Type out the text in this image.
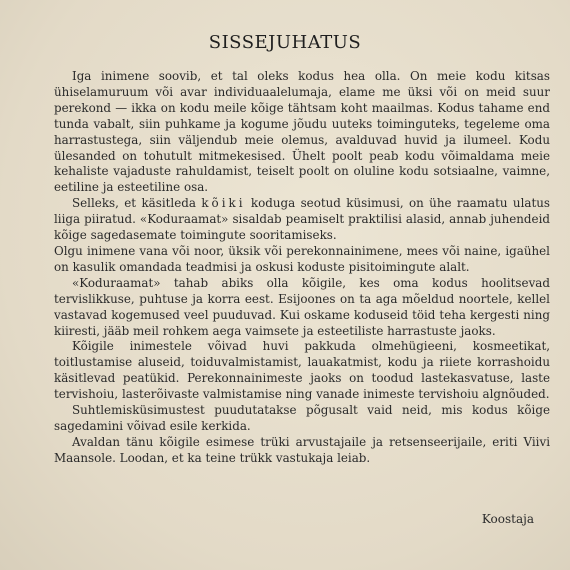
SISSEJUHATUS

Iga inimene soovib, et tal oleks kodus hea olla. On meie kodu kitsas ühiselamuruum või avar individuaalelumaja, elame me üksi või on meid suur perekond — ikka on kodu meile kõige tähtsam koht maailmas. Kodus tahame end tunda vabalt, siin puhkame ja kogume jõudu uuteks toiminguteks, tegeleme oma harrastustega, siin väljendub meie olemus, avalduvad huvid ja ilumeel. Kodu ülesanded on tohutult mitmekesised. Ühelt poolt peab kodu võimaldama meie kehaliste vajaduste rahuldamist, teiselt poolt on oluline kodu sotsiaalne, vaimne, eetiline ja esteetiline osa.

Selleks, et käsitleda kõiki koduga seotud küsimusi, on ühe raamatu ulatus liiga piiratud. «Koduraamat» sisaldab peamiselt praktilisi alasid, annab juhendeid kõige sagedasemate toimingute sooritamiseks.
Olgu inimene vana või noor, üksik või perekonnainimene, mees või naine, igaühel on kasulik omandada teadmisi ja oskusi koduste pisitoimingute alalt.

«Koduraamat» tahab abiks olla kõigile, kes oma kodus hoolitsevad tervislikkuse, puhtuse ja korra eest. Esijoones on ta aga mõeldud noortele, kellel vastavad kogemused veel puuduvad. Kui oskame koduseid töid teha kergesti ning kiiresti, jääb meil rohkem aega vaimsete ja esteetiliste harrastuste jaoks.

Kõigile inimestele võivad huvi pakkuda olmehügieeni, kosmeetikat, toitlustamise aluseid, toiduvalmistamist, lauakatmist, kodu ja riiete korrashoidu käsitlevad peatükid. Perekonnainimeste jaoks on toodud lastekasvatuse, laste tervishoiu, lasterõivaste valmistamise ning vanade inimeste tervishoiu algnõuded.

Suhtlemisküsimustest puudutatakse põgusalt vaid neid, mis kodus kõige sagedamini võivad esile kerkida.

Avaldan tänu kõigile esimese trüki arvustajaile ja retsenseerijaile, eriti Viivi Maansole. Loodan, et ka teine trükk vastukaja leiab.

Koostaja
